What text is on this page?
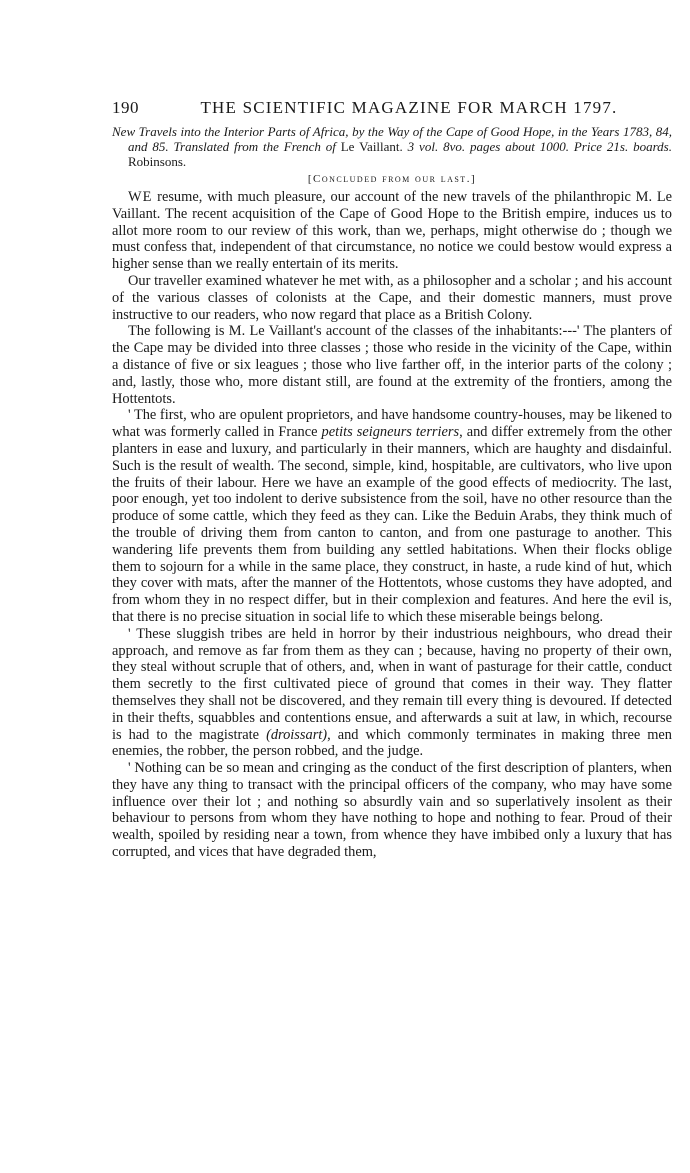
190	THE SCIENTIFIC MAGAZINE FOR MARCH 1797.

New Travels into the Interior Parts of Africa, by the Way of the Cape of Good Hope, in the Years 1783, 84, and 85. Translated from the French of Le Vaillant. 3 vol. 8vo. pages about 1000. Price 21s. boards. Robinsons.

[Concluded from our last.]

WE resume, with much pleasure, our account of the new travels of the philanthropic M. Le Vaillant. The recent acquisition of the Cape of Good Hope to the British empire, induces us to allot more room to our review of this work, than we, perhaps, might otherwise do ; though we must confess that, independent of that circumstance, no notice we could bestow would express a higher sense than we really entertain of its merits.

Our traveller examined whatever he met with, as a philosopher and a scholar ; and his account of the various classes of colonists at the Cape, and their domestic manners, must prove instructive to our readers, who now regard that place as a British Colony.

The following is M. Le Vaillant's account of the classes of the inhabitants:---' The planters of the Cape may be divided into three classes ; those who reside in the vicinity of the Cape, within a distance of five or six leagues ; those who live farther off, in the interior parts of the colony ; and, lastly, those who, more distant still, are found at the extremity of the frontiers, among the Hottentots.

' The first, who are opulent proprietors, and have handsome country-houses, may be likened to what was formerly called in France petits seigneurs terriers, and differ extremely from the other planters in ease and luxury, and particularly in their manners, which are haughty and disdainful. Such is the result of wealth. The second, simple, kind, hospitable, are cultivators, who live upon the fruits of their labour. Here we have an example of the good effects of mediocrity. The last, poor enough, yet too indolent to derive subsistence from the soil, have no other resource than the produce of some cattle, which they feed as they can. Like the Beduin Arabs, they think much of the trouble of driving them from canton to canton, and from one pasturage to another. This wandering life prevents them from building any settled habitations. When their flocks oblige them to sojourn for a while in the same place, they construct, in haste, a rude kind of hut, which they cover with mats, after the manner of the Hottentots, whose customs they have adopted, and from whom they in no respect differ, but in their complexion and features. And here the evil is, that there is no precise situation in social life to which these miserable beings belong.

' These sluggish tribes are held in horror by their industrious neighbours, who dread their approach, and remove as far from them as they can ; because, having no property of their own, they steal without scruple that of others, and, when in want of pasturage for their cattle, conduct them secretly to the first cultivated piece of ground that comes in their way. They flatter themselves they shall not be discovered, and they remain till every thing is devoured. If detected in their thefts, squabbles and contentions ensue, and afterwards a suit at law, in which, recourse is had to the magistrate (droissart), and which commonly terminates in making three men enemies, the robber, the person robbed, and the judge.

' Nothing can be so mean and cringing as the conduct of the first description of planters, when they have any thing to transact with the principal officers of the company, who may have some influence over their lot ; and nothing so absurdly vain and so superlatively insolent as their behaviour to persons from whom they have nothing to hope and nothing to fear. Proud of their wealth, spoiled by residing near a town, from whence they have imbibed only a luxury that has corrupted, and vices that have degraded them,
